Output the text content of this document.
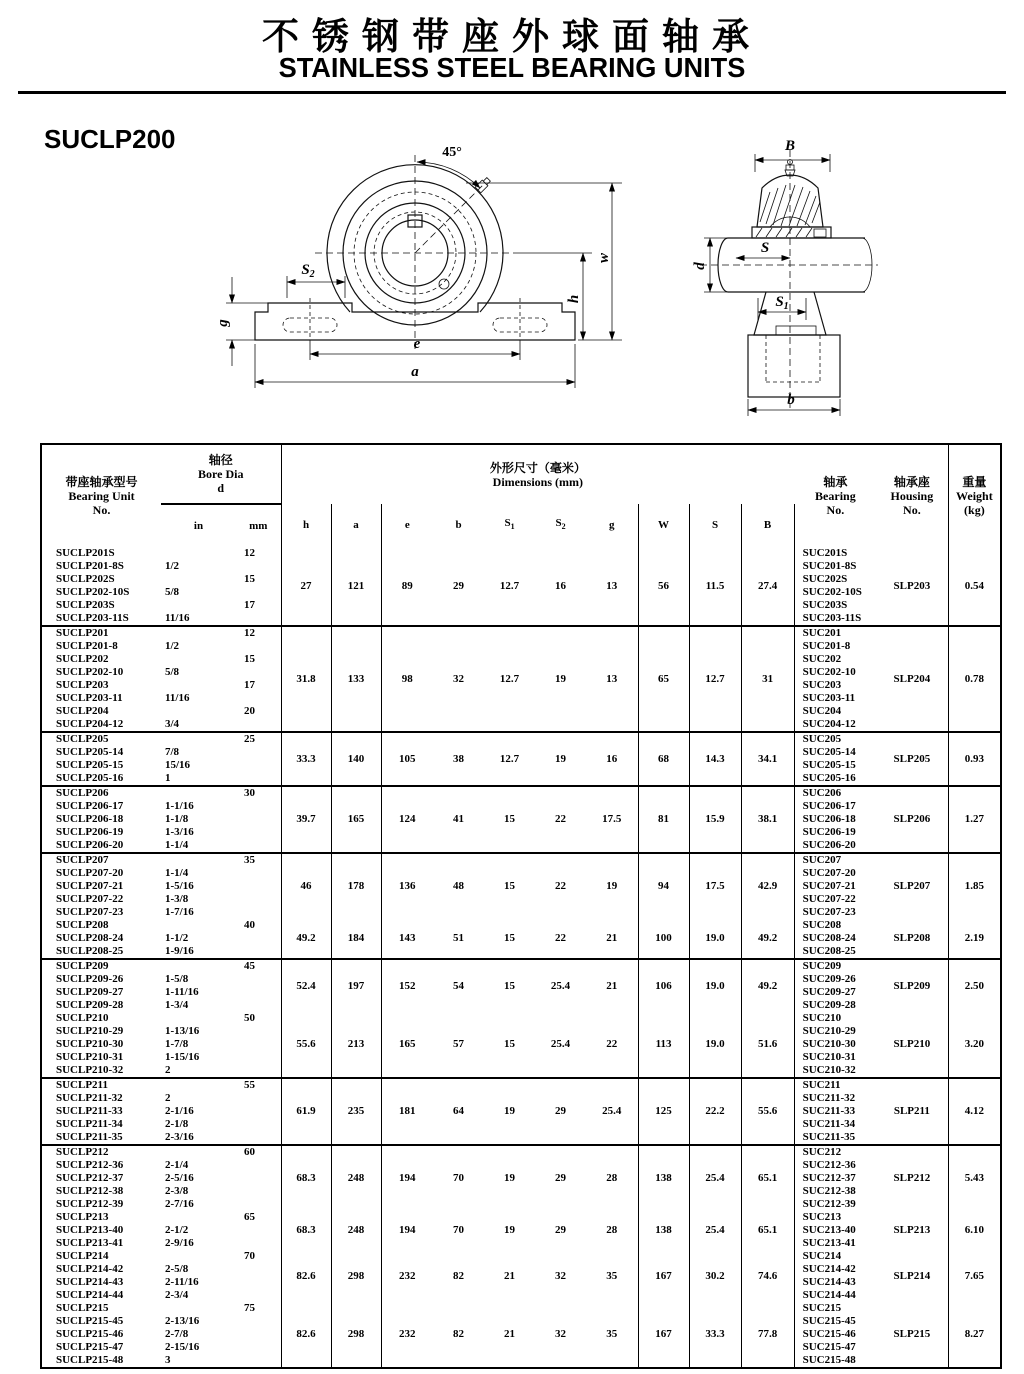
不锈钢带座外球面轴承
STAINLESS STEEL BEARING UNITS
SUCLP200	45°
$S_2$
g
e
a
w
h
B
d
S
$S_1$
b
带座轴承型号
Bearing Unit
No.

轴径
Bore Dia
d

外形尺寸（毫米）
Dimensions (mm)	轴承
Bearing
No.

轴承座
Housing
No.

重量
Weight
(kg)

	in	mm	h	a	e	b	$S_1$	$S_2$	g	W	S	B			
SUCLP201S		12	27	121	89	29	12.7	16	13	56	11.5	27.4	SUC201S	SLP203	0.54
SUCLP201-8S	1/2												SUC201-8S		
SUCLP202S		15											SUC202S		
SUCLP202-10S	5/8												SUC202-10S		
SUCLP203S		17											SUC203S		
SUCLP203-11S	11/16												SUC203-11S		
SUCLP201		12	31.8	133	98	32	12.7	19	13	65	12.7	31	SUC201	SLP204	0.78
SUCLP201-8	1/2												SUC201-8		
SUCLP202		15											SUC202		
SUCLP202-10	5/8												SUC202-10		
SUCLP203		17											SUC203		
SUCLP203-11	11/16												SUC203-11		
SUCLP204		20											SUC204		
SUCLP204-12	3/4												SUC204-12		
SUCLP205		25	33.3	140	105	38	12.7	19	16	68	14.3	34.1	SUC205	SLP205	0.93
SUCLP205-14	7/8												SUC205-14		
SUCLP205-15	15/16												SUC205-15		
SUCLP205-16	1												SUC205-16		
SUCLP206		30	39.7	165	124	41	15	22	17.5	81	15.9	38.1	SUC206	SLP206	1.27
SUCLP206-17	1-1/16												SUC206-17		
SUCLP206-18	1-1/8												SUC206-18		
SUCLP206-19	1-3/16												SUC206-19		
SUCLP206-20	1-1/4												SUC206-20		
SUCLP207		35	46	178	136	48	15	22	19	94	17.5	42.9	SUC207	SLP207	1.85
SUCLP207-20	1-1/4												SUC207-20		
SUCLP207-21	1-5/16												SUC207-21		
SUCLP207-22	1-3/8												SUC207-22		
SUCLP207-23	1-7/16												SUC207-23		
SUCLP208		40	49.2	184	143	51	15	22	21	100	19.0	49.2	SUC208	SLP208	2.19
SUCLP208-24	1-1/2												SUC208-24		
SUCLP208-25	1-9/16												SUC208-25		
SUCLP209		45	52.4	197	152	54	15	25.4	21	106	19.0	49.2	SUC209	SLP209	2.50
SUCLP209-26	1-5/8												SUC209-26		
SUCLP209-27	1-11/16												SUC209-27		
SUCLP209-28	1-3/4												SUC209-28		
SUCLP210		50	55.6	213	165	57	15	25.4	22	113	19.0	51.6	SUC210	SLP210	3.20
SUCLP210-29	1-13/16												SUC210-29		
SUCLP210-30	1-7/8												SUC210-30		
SUCLP210-31	1-15/16												SUC210-31		
SUCLP210-32	2												SUC210-32		
SUCLP211		55	61.9	235	181	64	19	29	25.4	125	22.2	55.6	SUC211	SLP211	4.12
SUCLP211-32	2												SUC211-32		
SUCLP211-33	2-1/16												SUC211-33		
SUCLP211-34	2-1/8												SUC211-34		
SUCLP211-35	2-3/16												SUC211-35		
SUCLP212		60	68.3	248	194	70	19	29	28	138	25.4	65.1	SUC212	SLP212	5.43
SUCLP212-36	2-1/4												SUC212-36		
SUCLP212-37	2-5/16												SUC212-37		
SUCLP212-38	2-3/8												SUC212-38		
SUCLP212-39	2-7/16												SUC212-39		
SUCLP213		65	68.3	248	194	70	19	29	28	138	25.4	65.1	SUC213	SLP213	6.10
SUCLP213-40	2-1/2												SUC213-40		
SUCLP213-41	2-9/16												SUC213-41		
SUCLP214		70	82.6	298	232	82	21	32	35	167	30.2	74.6	SUC214	SLP214	7.65
SUCLP214-42	2-5/8												SUC214-42		
SUCLP214-43	2-11/16												SUC214-43		
SUCLP214-44	2-3/4												SUC214-44		
SUCLP215		75	82.6	298	232	82	21	32	35	167	33.3	77.8	SUC215	SLP215	8.27
SUCLP215-45	2-13/16												SUC215-45		
SUCLP215-46	2-7/8												SUC215-46		
SUCLP215-47	2-15/16												SUC215-47		
SUCLP215-48	3												SUC215-48		
